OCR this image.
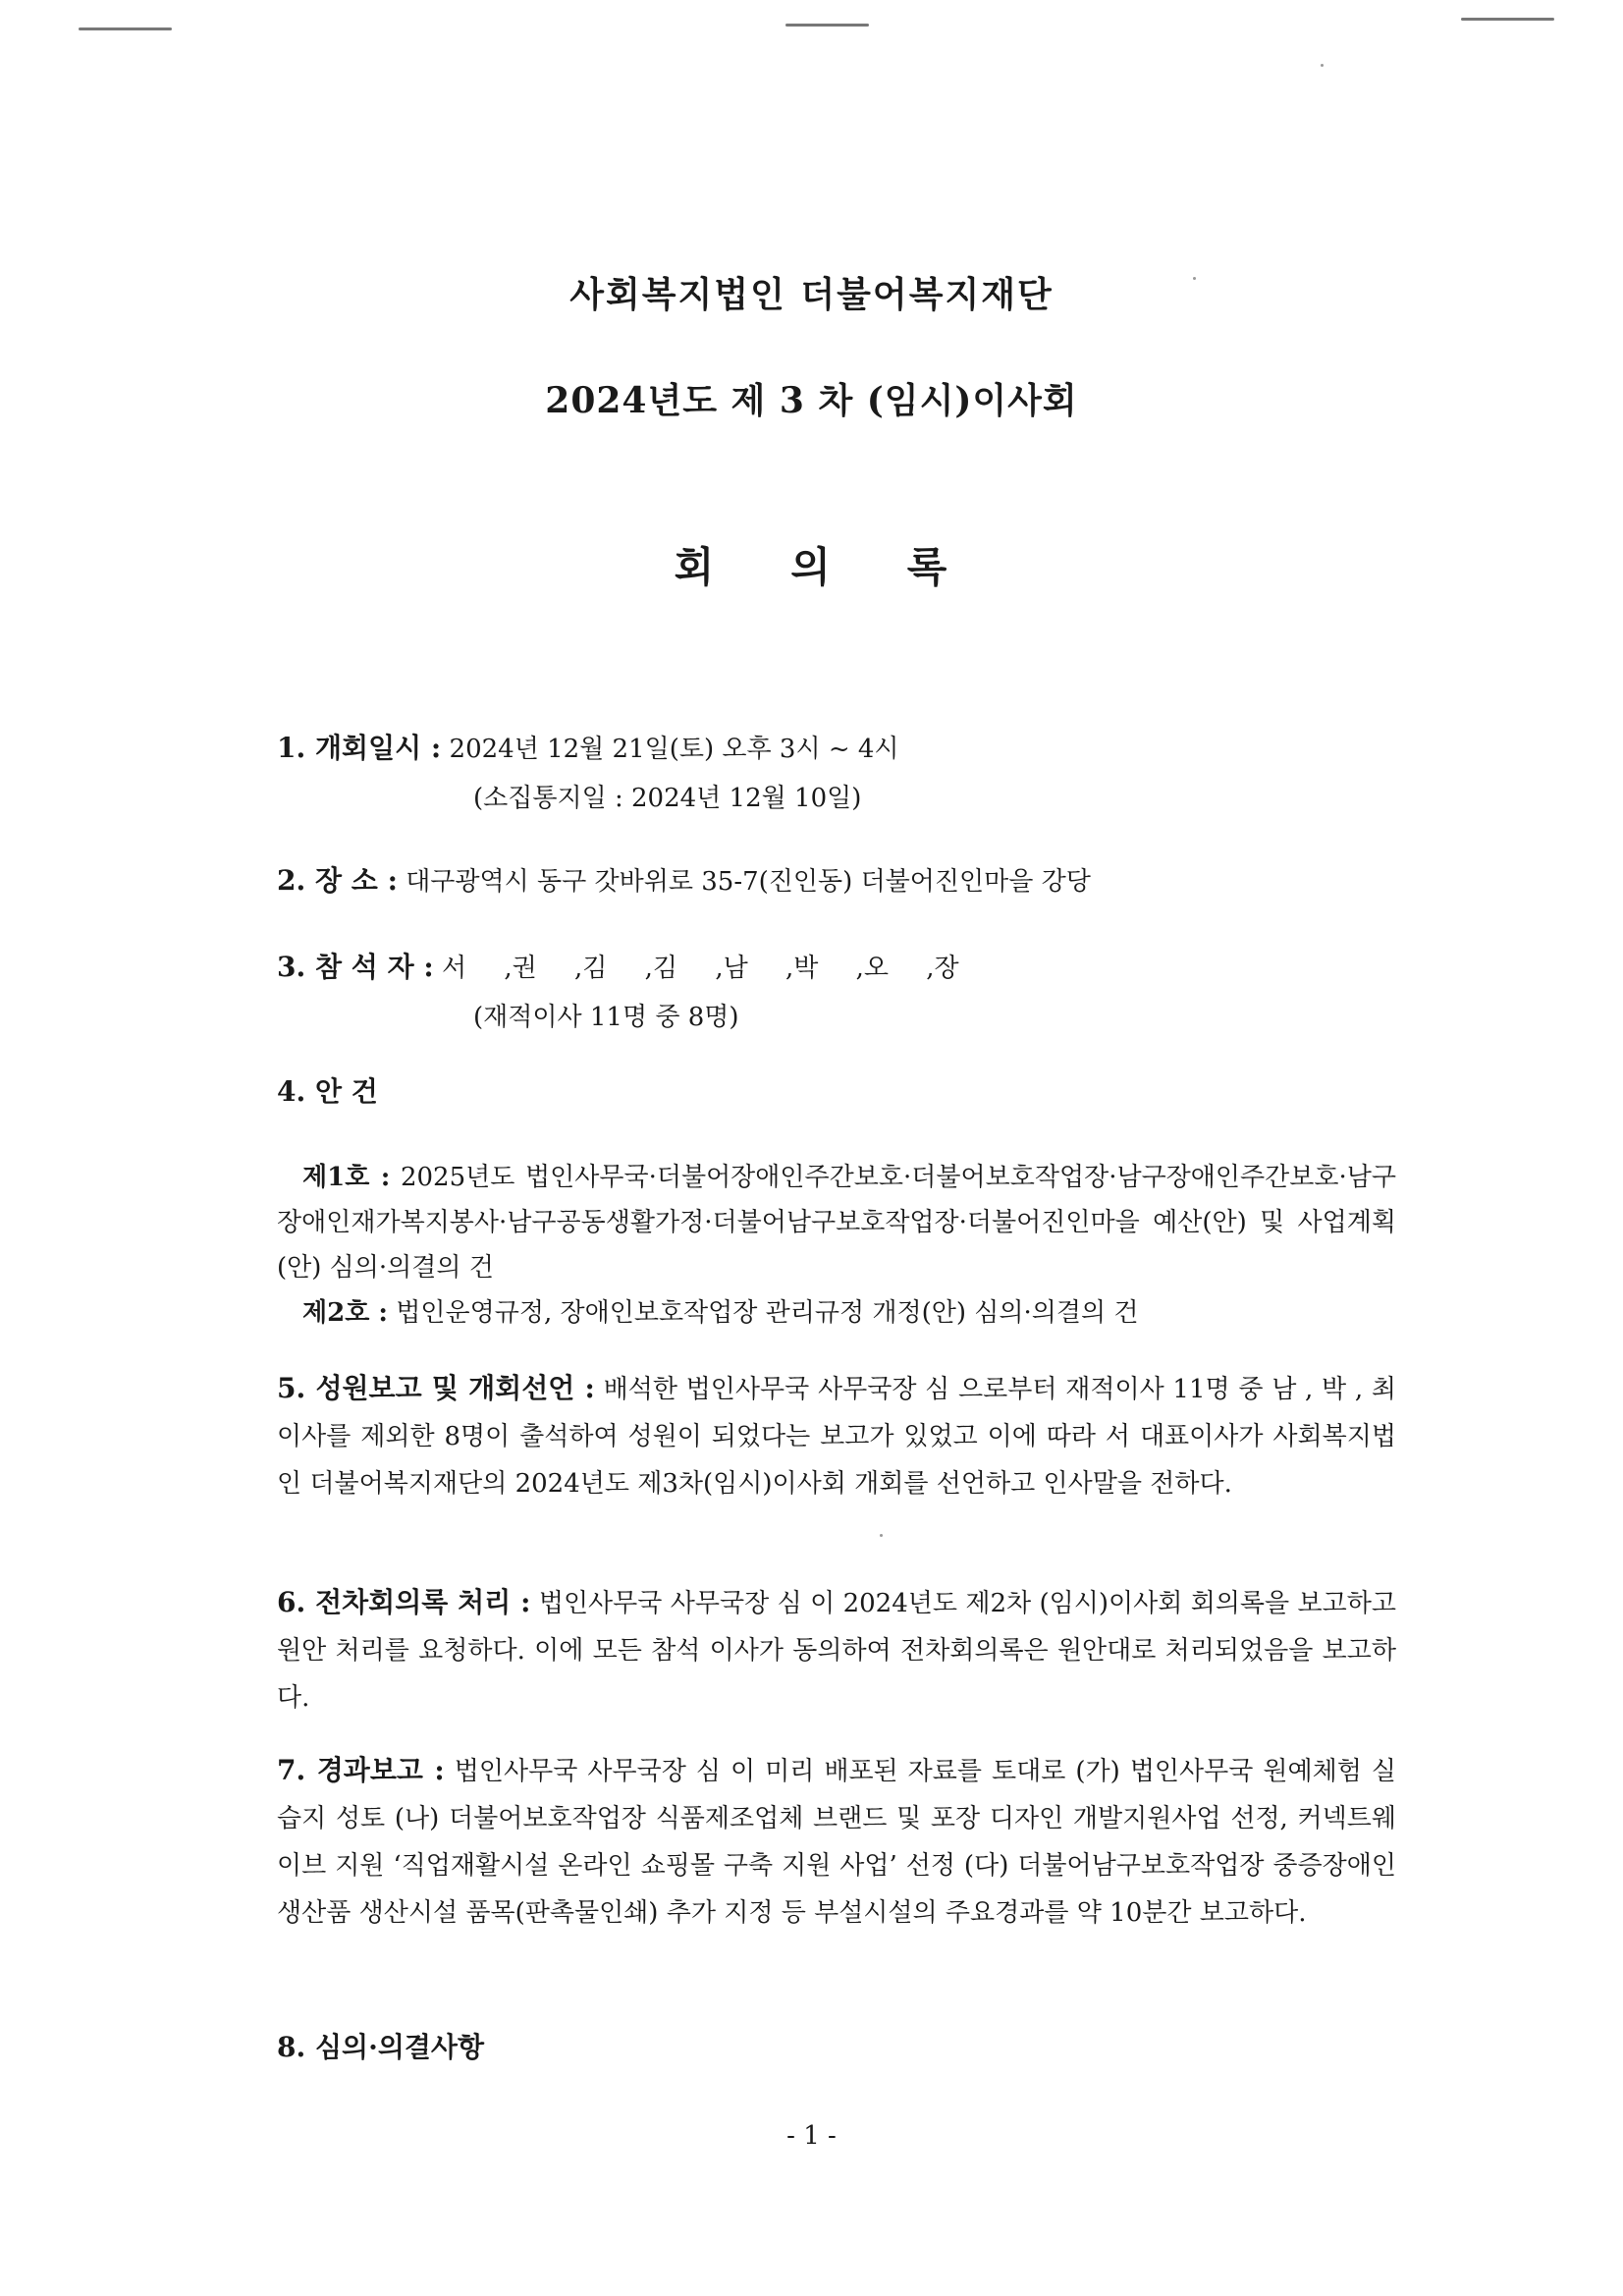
사회복지법인 더불어복지재단
2024년도 제 3 차 (임시)이사회
회 의 록
1. 개회일시 : 2024년 12월 21일(토) 오후 3시 ~ 4시
(소집통지일 : 2024년 12월 10일)
2. 장 소 : 대구광역시 동구 갓바위로 35-7(진인동) 더불어진인마을 강당
3. 참 석 자 : 서 ,권 ,김 ,김 ,남 ,박 ,오 ,장
(재적이사 11명 중 8명)
4. 안 건
제1호 : 2025년도 법인사무국·더불어장애인주간보호·더불어보호작업장·남구장애인주간보호·남구장애인재가복지봉사·남구공동생활가정·더불어남구보호작업장·더불어진인마을 예산(안) 및 사업계획(안) 심의·의결의 건
제2호 : 법인운영규정, 장애인보호작업장 관리규정 개정(안) 심의·의결의 건
5. 성원보고 및 개회선언 : 배석한 법인사무국 사무국장 심 으로부터 재적이사 11명 중 남 , 박 , 최 이사를 제외한 8명이 출석하여 성원이 되었다는 보고가 있었고 이에 따라 서 대표이사가 사회복지법인 더불어복지재단의 2024년도 제3차(임시)이사회 개회를 선언하고 인사말을 전하다.
6. 전차회의록 처리 : 법인사무국 사무국장 심 이 2024년도 제2차 (임시)이사회 회의록을 보고하고 원안 처리를 요청하다. 이에 모든 참석 이사가 동의하여 전차회의록은 원안대로 처리되었음을 보고하다.
7. 경과보고 : 법인사무국 사무국장 심 이 미리 배포된 자료를 토대로 (가) 법인사무국 원예체험 실습지 성토 (나) 더불어보호작업장 식품제조업체 브랜드 및 포장 디자인 개발지원사업 선정, 커넥트웨이브 지원 ‘직업재활시설 온라인 쇼핑몰 구축 지원 사업’ 선정 (다) 더불어남구보호작업장 중증장애인생산품 생산시설 품목(판촉물인쇄) 추가 지정 등 부설시설의 주요경과를 약 10분간 보고하다.
8. 심의·의결사항
- 1 -
